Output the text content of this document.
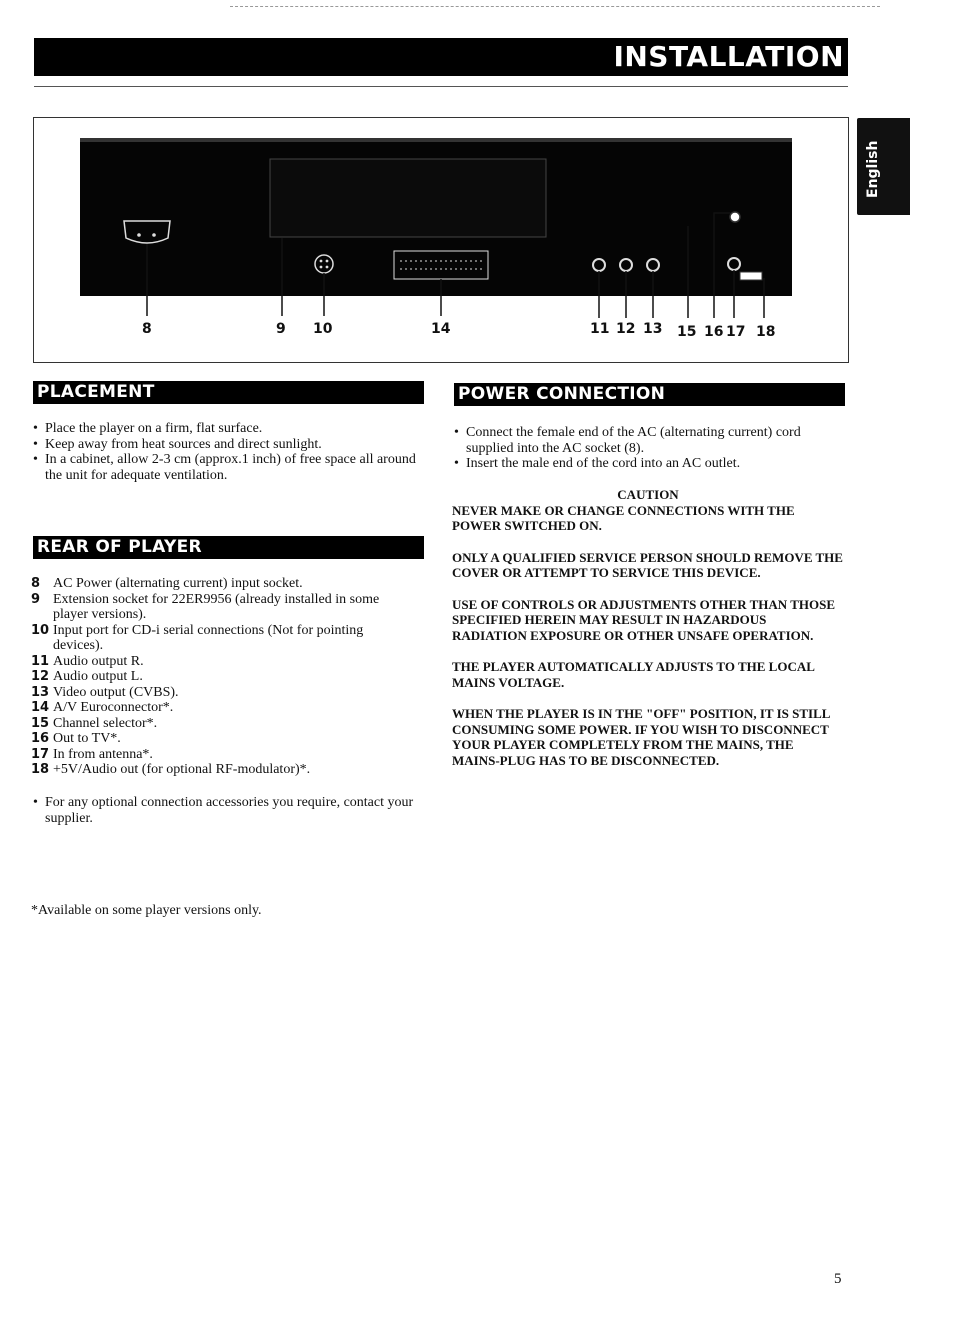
INSTALLATION
English
8	9 10	14	11 12 13 15 16 17 18
PLACEMENT
• Place the player on a firm, flat surface.
• Keep away from heat sources and direct sunlight.
• In a cabinet, allow 2-3 cm (approx.1 inch) of free space all around the unit for adequate ventilation.
REAR OF PLAYER
8 AC Power (alternating current) input socket.
9 Extension socket for 22ER9956 (already installed in some player versions).
10 Input port for CD-i serial connections (Not for pointing devices).
11 Audio output R.
12 Audio output L.
13 Video output (CVBS).
14 A/V Euroconnector*.
15 Channel selector*.
16 Out to TV*.
17 In from antenna*.
18 +5V/Audio out (for optional RF-modulator)*.
• For any optional connection accessories you require, contact your supplier.
*Available on some player versions only.
POWER CONNECTION
• Connect the female end of the AC (alternating current) cord supplied into the AC socket (8).
• Insert the male end of the cord into an AC outlet.

CAUTION

NEVER MAKE OR CHANGE CONNECTIONS WITH THE POWER SWITCHED ON.

ONLY A QUALIFIED SERVICE PERSON SHOULD REMOVE THE COVER OR ATTEMPT TO SERVICE THIS DEVICE.

USE OF CONTROLS OR ADJUSTMENTS OTHER THAN THOSE SPECIFIED HEREIN MAY RESULT IN HAZARDOUS RADIATION EXPOSURE OR OTHER UNSAFE OPERATION.

THE PLAYER AUTOMATICALLY ADJUSTS TO THE LOCAL MAINS VOLTAGE.

WHEN THE PLAYER IS IN THE "OFF" POSITION, IT IS STILL CONSUMING SOME POWER. IF YOU WISH TO DISCONNECT YOUR PLAYER COMPLETELY FROM THE MAINS, THE MAINS-PLUG HAS TO BE DISCONNECTED.

5
